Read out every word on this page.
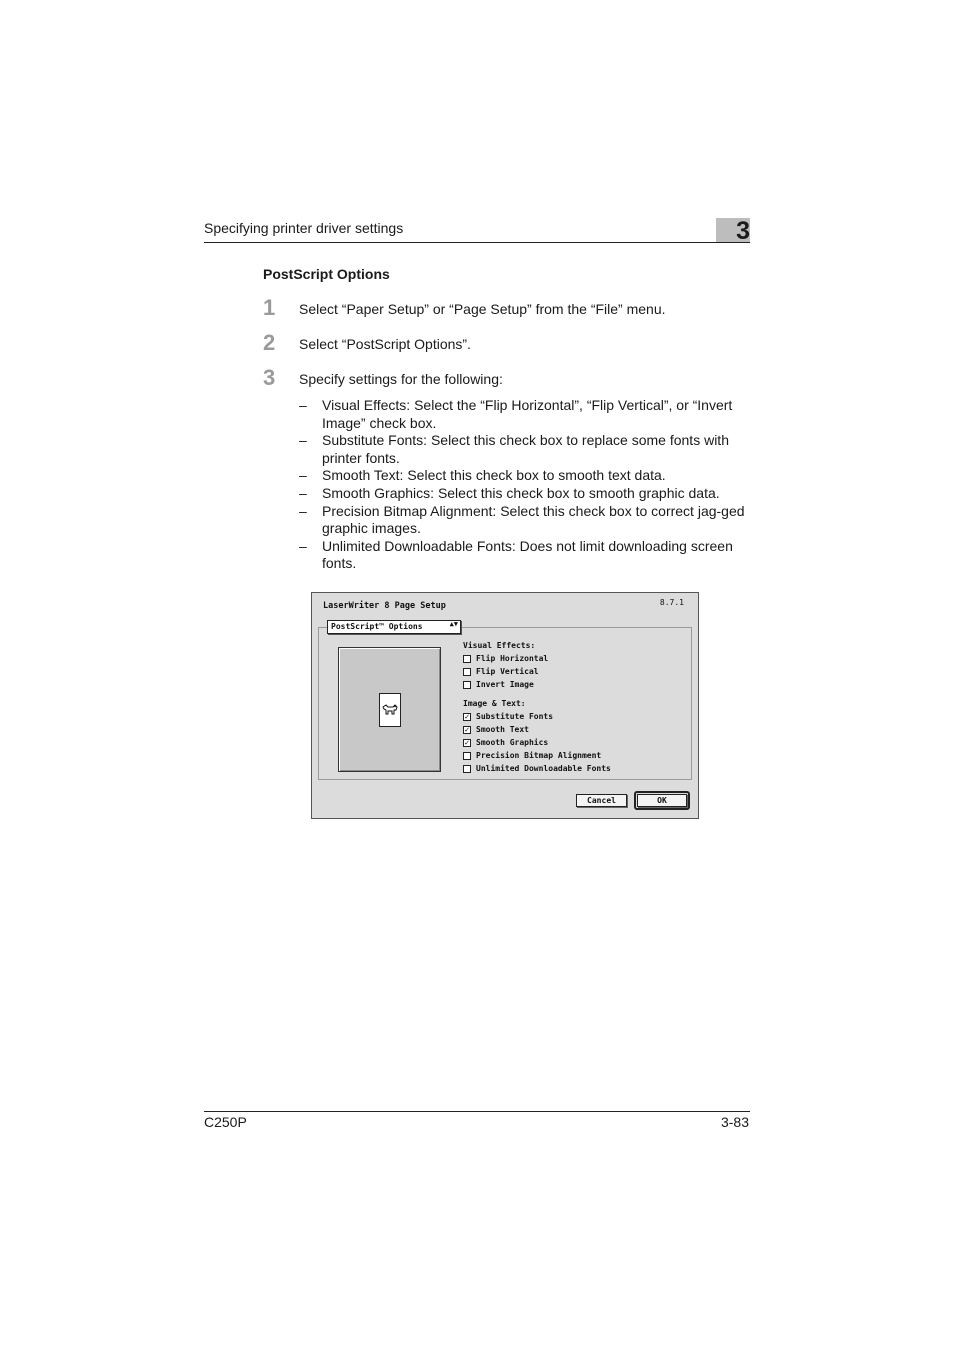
Specifying printer driver settings	3
PostScript Options
1	Select “Paper Setup” or “Page Setup” from the “File” menu.
2	Select “PostScript Options”.
3	Specify settings for the following:
–	Visual Effects: Select the “Flip Horizontal”, “Flip Vertical”, or “Invert Image” check box.
–	Substitute Fonts: Select this check box to replace some fonts with printer fonts.
–	Smooth Text: Select this check box to smooth text data.
–	Smooth Graphics: Select this check box to smooth graphic data.
–	Precision Bitmap Alignment: Select this check box to correct jag-ged graphic images.
–	Unlimited Downloadable Fonts: Does not limit downloading screen fonts.
LaserWriter 8 Page Setup	8.7.1
PostScript™ Options	▲▼
Visual Effects:
Flip Horizontal
Flip Vertical
Invert Image
Image & Text:
✓ Substitute Fonts
✓ Smooth Text
✓ Smooth Graphics
Precision Bitmap Alignment
Unlimited Downloadable Fonts
Cancel	OK
C250P	3-83
